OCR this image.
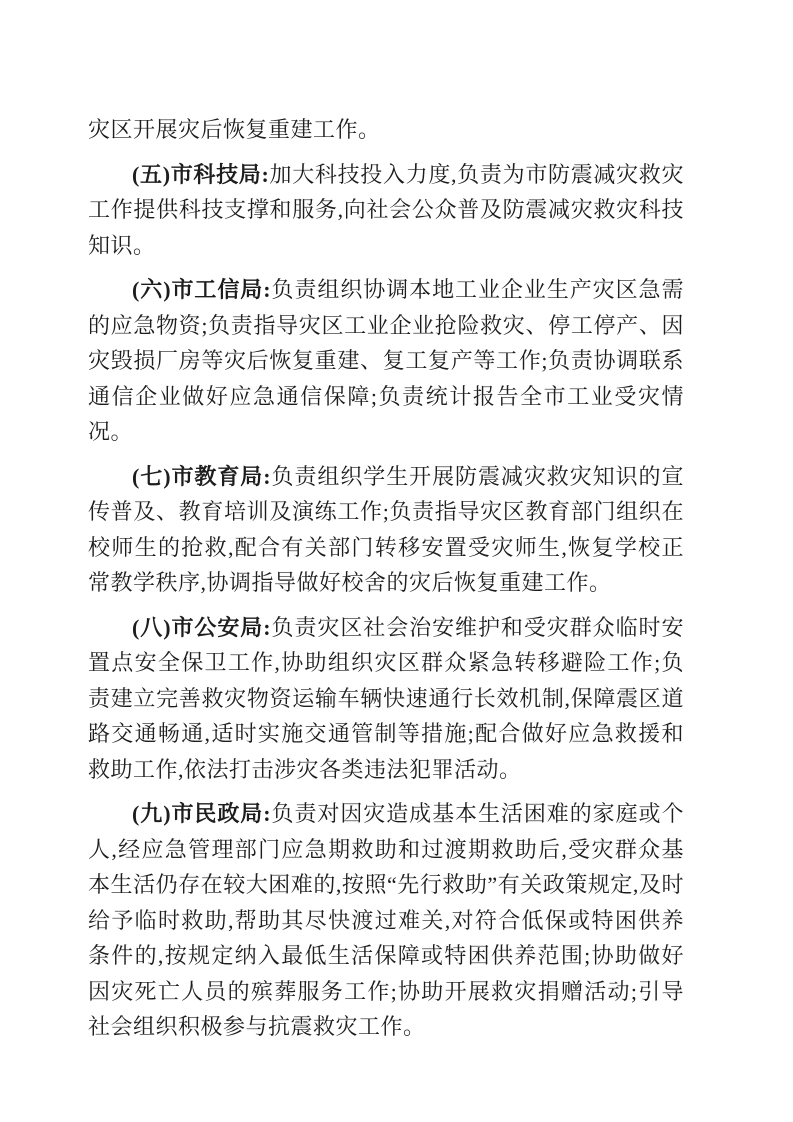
灾区开展灾后恢复重建工作。

(五)市科技局:加大科技投入力度,负责为市防震减灾救灾工作提供科技支撑和服务,向社会公众普及防震减灾救灾科技知识。

(六)市工信局:负责组织协调本地工业企业生产灾区急需的应急物资;负责指导灾区工业企业抢险救灾、停工停产、因灾毁损厂房等灾后恢复重建、复工复产等工作;负责协调联系通信企业做好应急通信保障;负责统计报告全市工业受灾情况。

(七)市教育局:负责组织学生开展防震减灾救灾知识的宣传普及、教育培训及演练工作;负责指导灾区教育部门组织在校师生的抢救,配合有关部门转移安置受灾师生,恢复学校正常教学秩序,协调指导做好校舍的灾后恢复重建工作。

(八)市公安局:负责灾区社会治安维护和受灾群众临时安置点安全保卫工作,协助组织灾区群众紧急转移避险工作;负责建立完善救灾物资运输车辆快速通行长效机制,保障震区道路交通畅通,适时实施交通管制等措施;配合做好应急救援和救助工作,依法打击涉灾各类违法犯罪活动。

(九)市民政局:负责对因灾造成基本生活困难的家庭或个人,经应急管理部门应急期救助和过渡期救助后,受灾群众基本生活仍存在较大困难的,按照“先行救助”有关政策规定,及时给予临时救助,帮助其尽快渡过难关,对符合低保或特困供养条件的,按规定纳入最低生活保障或特困供养范围;协助做好因灾死亡人员的殡葬服务工作;协助开展救灾捐赠活动;引导社会组织积极参与抗震救灾工作。
